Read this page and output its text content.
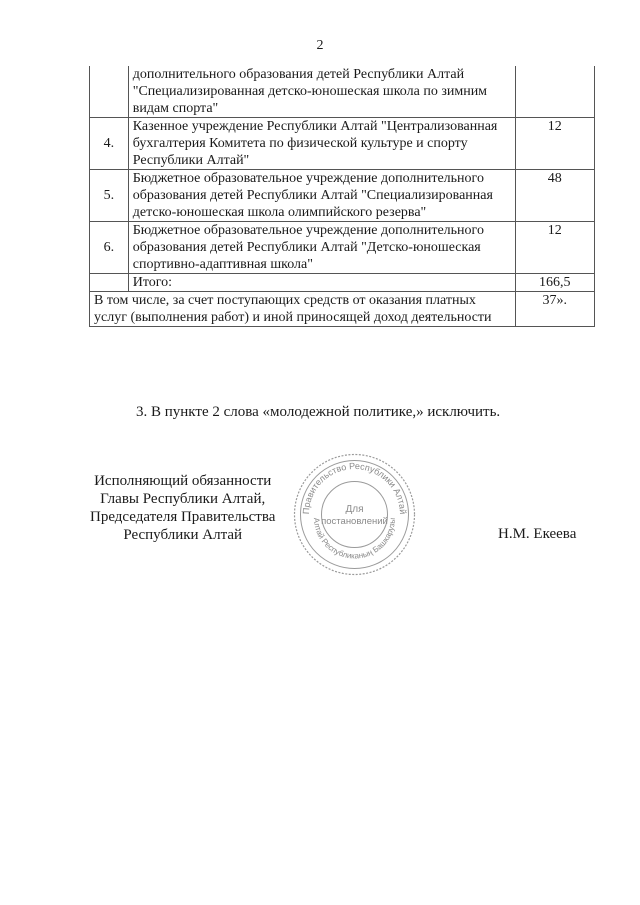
2
	дополнительного образования детей Республики Алтай "Специализированная детско-юношеская школа по зимним видам спорта"	
4.	Казенное учреждение Республики Алтай "Централизованная бухгалтерия Комитета по физической культуре и спорту Республики Алтай"	12
5.	Бюджетное образовательное учреждение дополнительного образования детей Республики Алтай "Специализированная детско-юношеская школа олимпийского резерва"	48
6.	Бюджетное образовательное учреждение дополнительного образования детей Республики Алтай "Детско-юношеская спортивно-адаптивная школа"	12
	Итого:	166,5
В том числе, за счет поступающих средств от оказания платных услуг (выполнения работ) и иной приносящей доход деятельности		37».
3. В пункте 2 слова «молодежной политике,» исключить.
Исполняющий обязанности
Главы Республики Алтай,
Председателя Правительства
Республики Алтай
Правительство Республики Алтай
Алтай Республиканың Башкарузы
Для
постановлений
Н.М. Екеева
